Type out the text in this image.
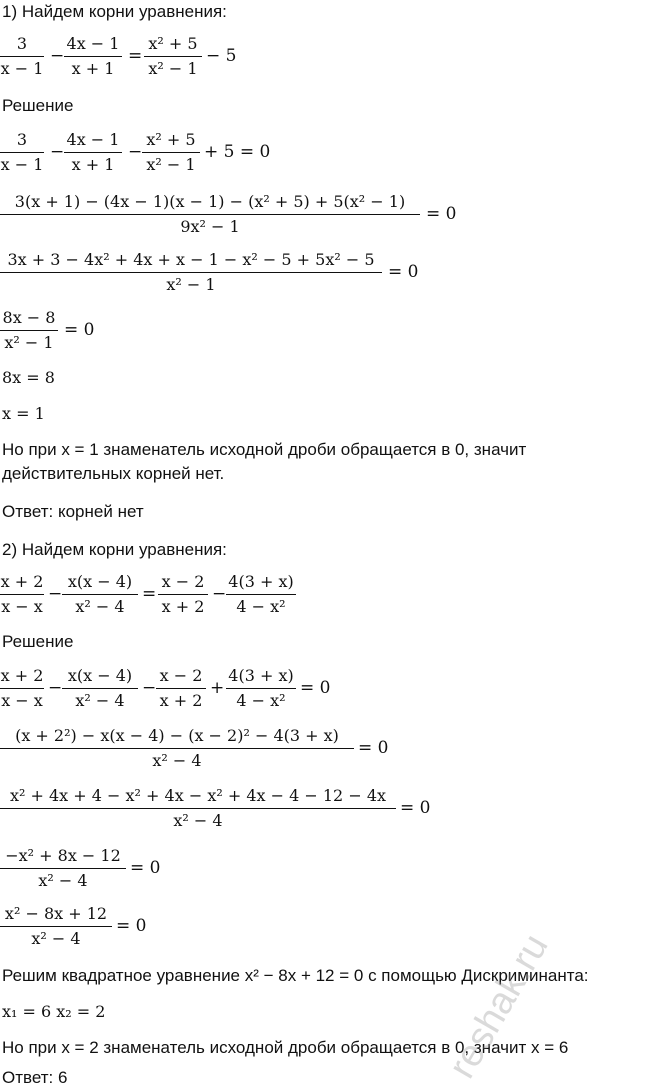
1) Найдем корни уравнения:
3
x − 1
−
4x − 1
x + 1
=
x² + 5
x² − 1
− 5
Решение
3
x − 1
−
4x − 1
x + 1
−
x² + 5
x² − 1
+ 5 = 0
3(x + 1) − (4x − 1)(x − 1) − (x² + 5) + 5(x² − 1)
9x² − 1
= 0
3x + 3 − 4x² + 4x + x − 1 − x² − 5 + 5x² − 5
x² − 1
= 0
8x − 8
x² − 1
= 0
8x = 8
x = 1
Но при x = 1 знаменатель исходной дроби обращается в 0, значит
действительных корней нет.
Ответ: корней нет
2) Найдем корни уравнения:
x + 2
x − x
−
x(x − 4)
x² − 4
=
x − 2
x + 2
−
4(3 + x)
4 − x²
Решение
x + 2
x − x
−
x(x − 4)
x² − 4
−
x − 2
x + 2
+
4(3 + x)
4 − x²
= 0
(x + 2²) − x(x − 4) − (x − 2)² − 4(3 + x)
x² − 4
= 0
x² + 4x + 4 − x² + 4x − x² + 4x − 4 − 12 − 4x
x² − 4
= 0
−x² + 8x − 12
x² − 4
= 0
x² − 8x + 12
x² − 4
= 0
Решим квадратное уравнение x² − 8x + 12 = 0 с помощью Дискриминанта:
x₁ = 6 x₂ = 2
Но при x = 2 знаменатель исходной дроби обращается в 0, значит x = 6
Ответ: 6	reshak.ru
